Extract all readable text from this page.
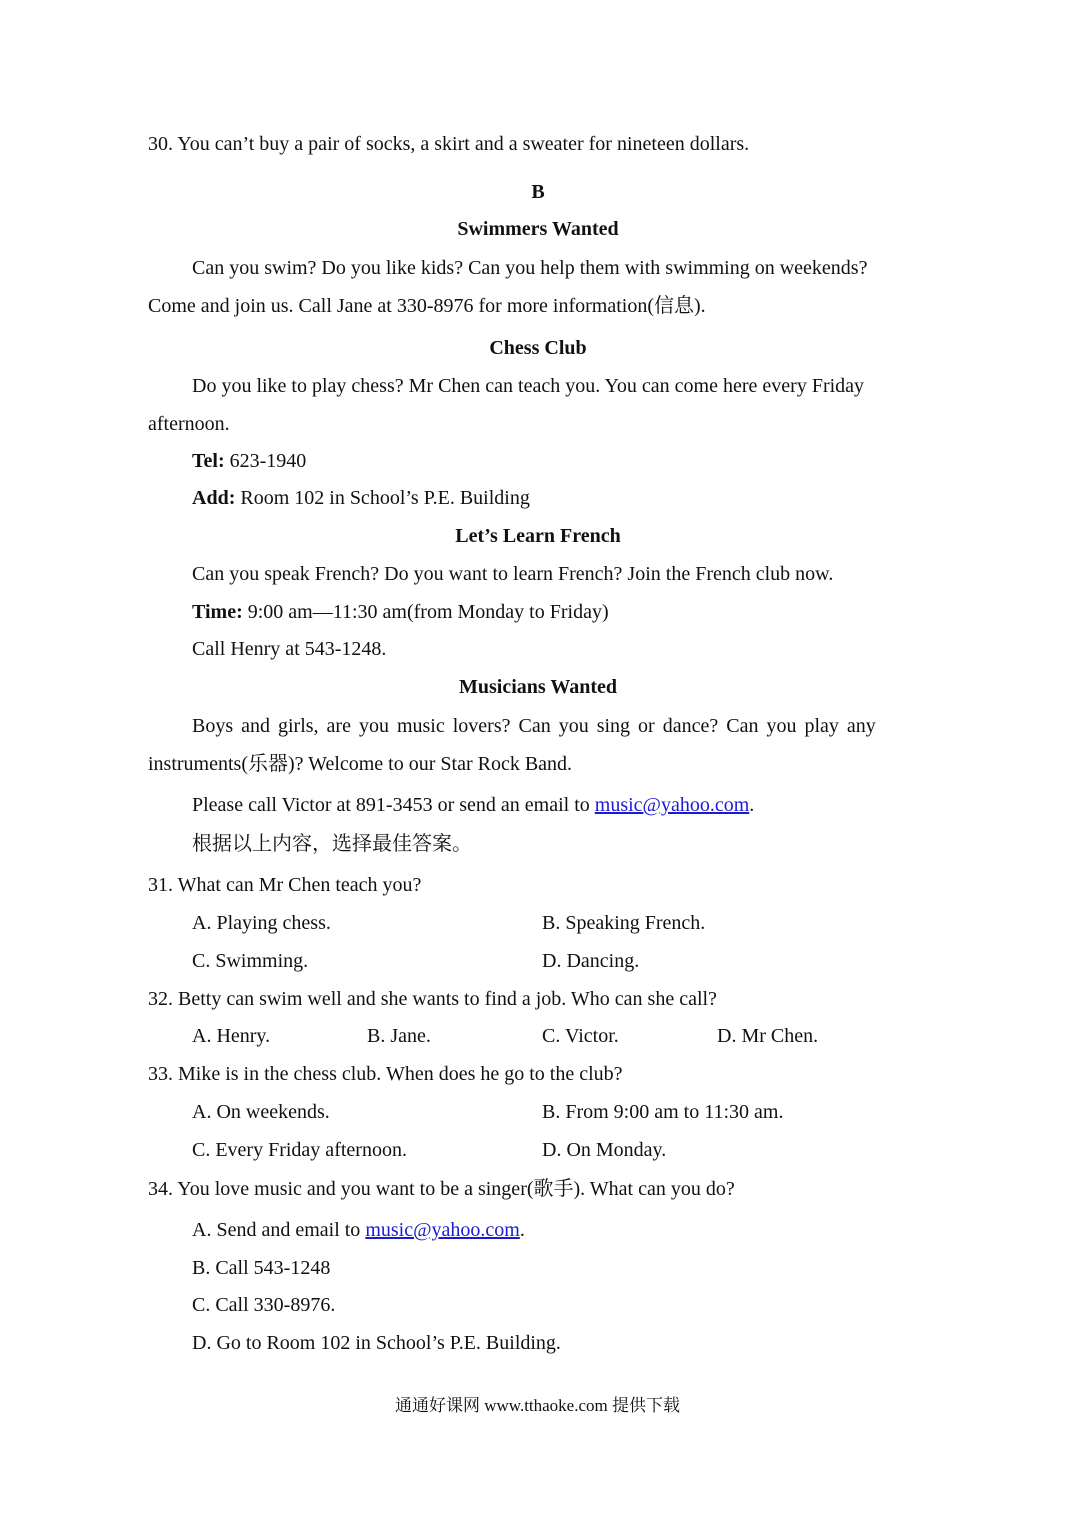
30. You can’t buy a pair of socks, a skirt and a sweater for nineteen dollars.
B
Swimmers Wanted
Can you swim? Do you like kids? Can you help them with swimming on weekends?
Come and join us. Call Jane at 330-8976 for more information(信息).
Chess Club
Do you like to play chess? Mr Chen can teach you. You can come here every Friday
afternoon.
Tel: 623-1940
Add: Room 102 in School’s P.E. Building
Let’s Learn French
Can you speak French? Do you want to learn French? Join the French club now.
Time: 9:00 am—11:30 am(from Monday to Friday)
Call Henry at 543-1248.
Musicians Wanted
Boys and girls, are you music lovers? Can you sing or dance? Can you play any
instruments(乐器)? Welcome to our Star Rock Band.
Please call Victor at 891-3453 or send an email to music@yahoo.com.
根据以上内容，选择最佳答案。
31. What can Mr Chen teach you?
A. Playing chess.	B. Speaking French.
C. Swimming.	D. Dancing.
32. Betty can swim well and she wants to find a job. Who can she call?
A. Henry.	B. Jane.	C. Victor.	D. Mr Chen.
33. Mike is in the chess club. When does he go to the club?
A. On weekends.	B. From 9:00 am to 11:30 am.
C. Every Friday afternoon.	D. On Monday.
34. You love music and you want to be a singer(歌手). What can you do?
A. Send and email to music@yahoo.com.
B. Call 543-1248
C. Call 330-8976.
D. Go to Room 102 in School’s P.E. Building.
通通好课网 www.tthaoke.com 提供下载
